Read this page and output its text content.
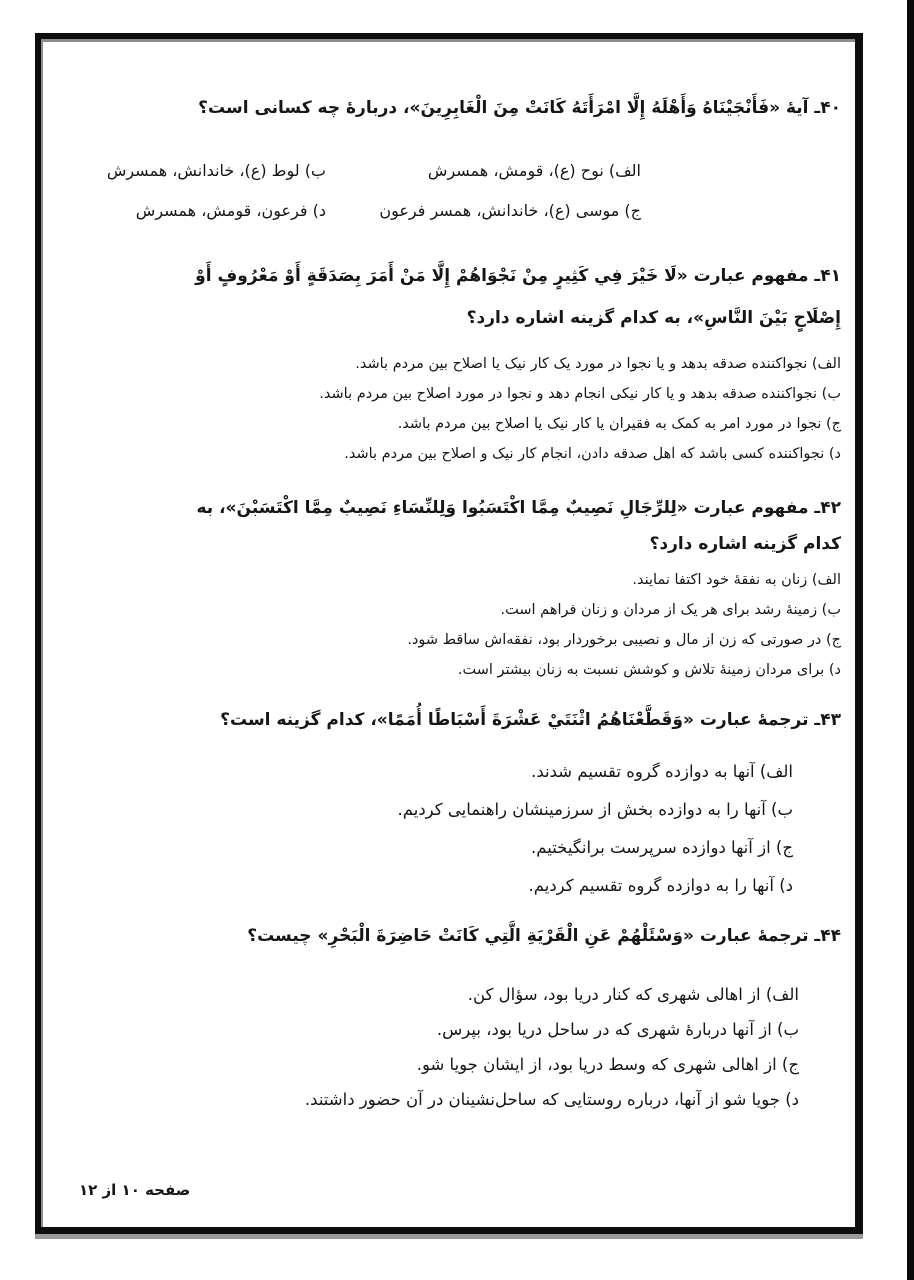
۴۰ـ آیهٔ «فَأَنْجَيْنَاهُ وَأَهْلَهُ إِلَّا امْرَأَتَهُ كَانَتْ مِنَ الْغَابِرِينَ»، دربارهٔ چه کسانی است؟
الف) نوح (ع)، قومش، همسرش
ب) لوط (ع)، خاندانش، همسرش
ج) موسی (ع)، خاندانش، همسر فرعون
د) فرعون، قومش، همسرش
۴۱ـ مفهوم عبارت «لَا خَيْرَ فِي كَثِيرٍ مِنْ نَجْوَاهُمْ إِلَّا مَنْ أَمَرَ بِصَدَقَةٍ أَوْ مَعْرُوفٍ أَوْ
إِصْلَاحٍ بَيْنَ النَّاسِ»، به کدام گزینه اشاره دارد؟
الف) نجواکننده صدقه بدهد و یا نجوا در مورد یک کار نیک یا اصلاح بین مردم باشد.
ب) نجواکننده صدقه بدهد و یا کار نیکی انجام دهد و نجوا در مورد اصلاح بین مردم باشد.
ج) نجوا در مورد امر به کمک به فقیران یا کار نیک یا اصلاح بین مردم باشد.
د) نجواکننده کسی باشد که اهل صدقه دادن، انجام کار نیک و اصلاح بین مردم باشد.
۴۲ـ مفهوم عبارت «لِلرِّجَالِ نَصِيبٌ مِمَّا اكْتَسَبُوا وَلِلنِّسَاءِ نَصِيبٌ مِمَّا اكْتَسَبْنَ»، به
کدام گزینه اشاره دارد؟
الف) زنان به نفقهٔ خود اکتفا نمایند.
ب) زمینهٔ رشد برای هر یک از مردان و زنان فراهم است.
ج) در صورتی که زن از مال و نصیبی برخوردار بود، نفقه‌اش ساقط شود.
د) برای مردان زمینهٔ تلاش و کوشش نسبت به زنان بیشتر است.
۴۳ـ ترجمهٔ عبارت «وَقَطَّعْنَاهُمُ اثْنَتَيْ عَشْرَةَ أَسْبَاطًا أُمَمًا»، کدام گزینه است؟
الف) آنها به دوازده گروه تقسیم شدند.
ب) آنها را به دوازده بخش از سرزمینشان راهنمایی کردیم.
ج) از آنها دوازده سرپرست برانگیختیم.
د) آنها را به دوازده گروه تقسیم کردیم.
۴۴ـ ترجمهٔ عبارت «وَسْئَلْهُمْ عَنِ الْقَرْيَةِ الَّتِي كَانَتْ حَاضِرَةَ الْبَحْرِ» چیست؟
الف) از اهالی شهری که کنار دریا بود، سؤال کن.
ب) از آنها دربارهٔ شهری که در ساحل دریا بود، بپرس.
ج) از اهالی شهری که وسط دریا بود، از ایشان جویا شو.
د) جویا شو از آنها، درباره روستایی که ساحل‌نشینان در آن حضور داشتند.
صفحه ۱۰ از ۱۲
